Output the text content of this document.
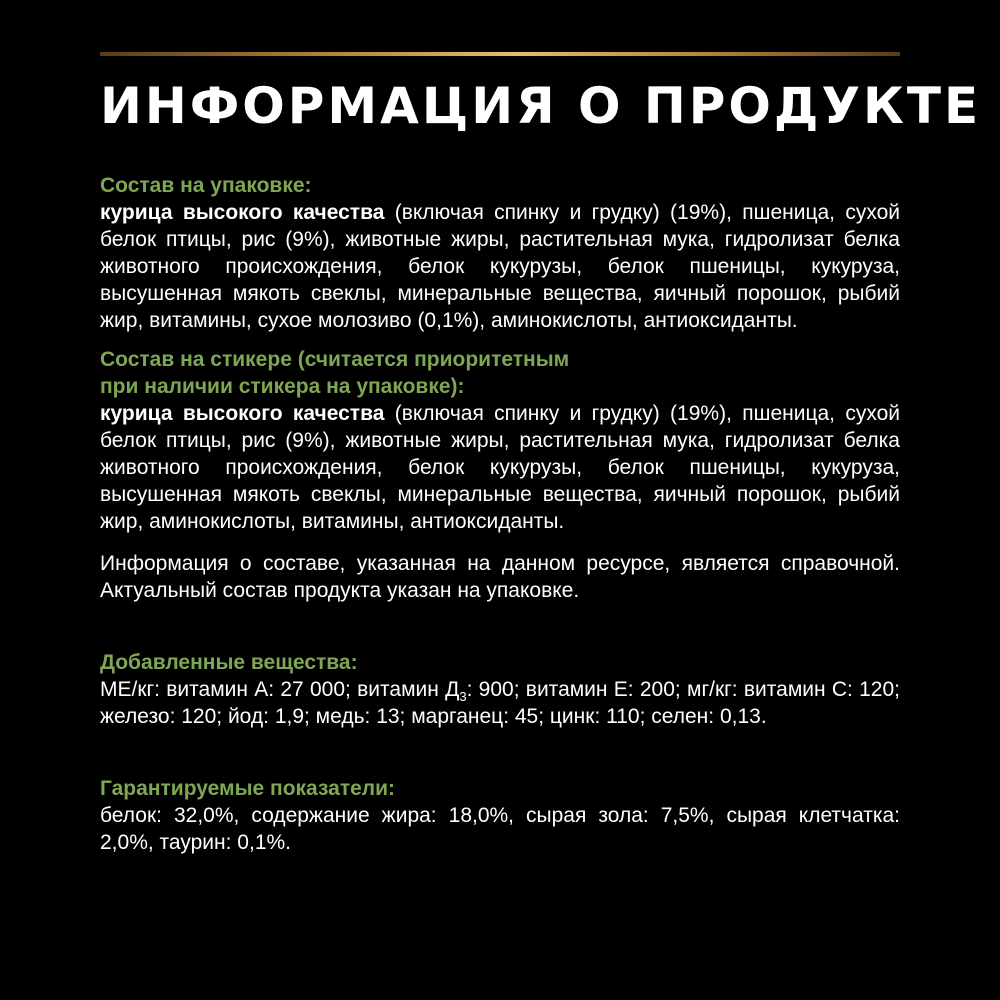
ИНФОРМАЦИЯ О ПРОДУКТЕ

Состав на упаковке:

курица высокого качества (включая спинку и грудку) (19%), пшеница, сухой белок птицы, рис (9%), животные жиры, растительная мука, гидролизат белка животного происхождения, белок кукурузы, белок пшеницы, кукуруза, высушенная мякоть свеклы, минеральные вещества, яичный порошок, рыбий жир, витамины, сухое молозиво (0,1%), аминокислоты, антиоксиданты.

Состав на стикере (считается приоритетным
при наличии стикера на упаковке):

курица высокого качества (включая спинку и грудку) (19%), пшеница, сухой белок птицы, рис (9%), животные жиры, растительная мука, гидролизат белка животного происхождения, белок кукурузы, белок пшеницы, кукуруза, высушенная мякоть свеклы, минеральные вещества, яичный порошок, рыбий жир, аминокислоты, витамины, антиоксиданты.

Информация о составе, указанная на данном ресурсе, является справочной. Актуальный состав продукта указан на упаковке.

Добавленные вещества:

МЕ/кг: витамин А: 27 000; витамин $Д_3$: 900; витамин Е: 200; мг/кг: витамин С: 120; железо: 120; йод: 1,9; медь: 13; марганец: 45; цинк: 110; селен: 0,13.

Гарантируемые показатели:

белок: 32,0%, содержание жира: 18,0%, сырая зола: 7,5%, сырая клетчатка: 2,0%, таурин: 0,1%.
